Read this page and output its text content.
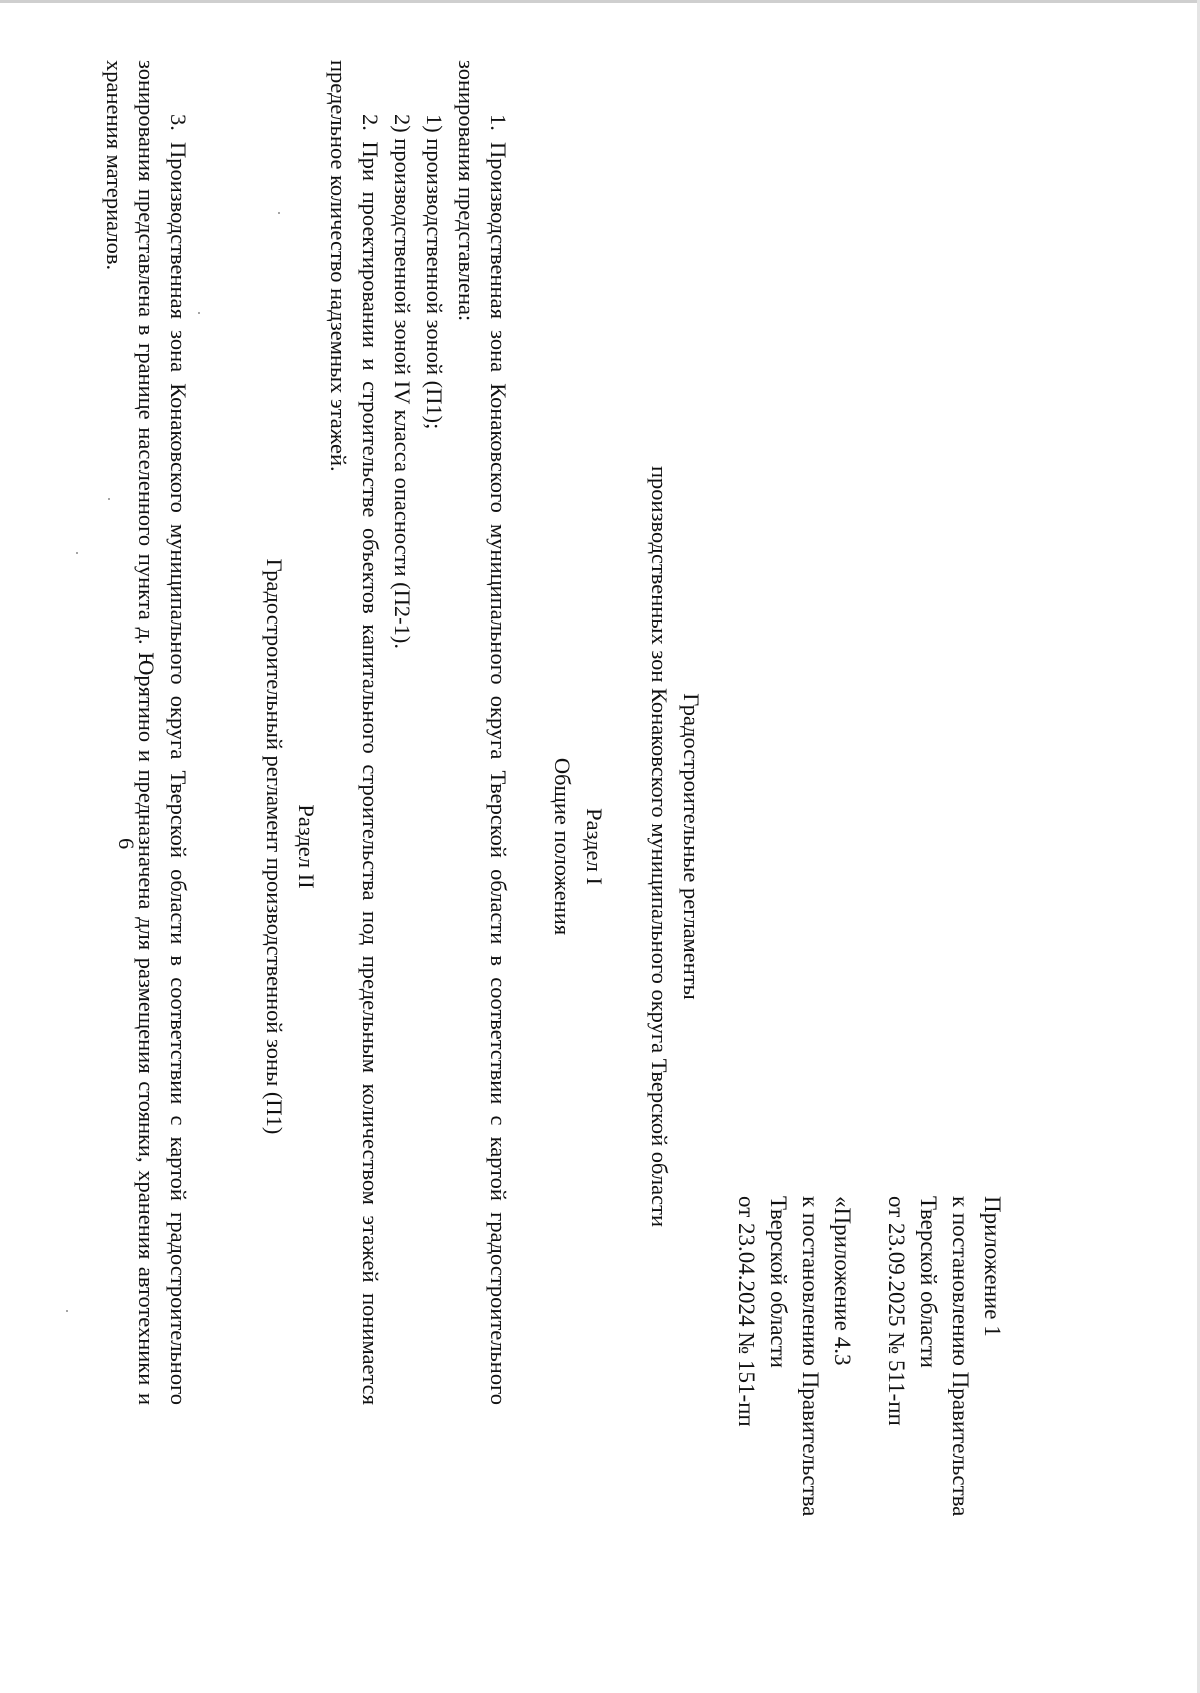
6
Приложение 1
к постановлению Правительства
Тверской области
от 23.09.2025 № 511-пп
«Приложение 4.3
к постановлению Правительства
Тверской области
от 23.04.2024 № 151-пп
Градостроительные регламенты
производственных зон Конаковского муниципального округа Тверской области
Раздел I
Общие положения

1. Производственная зона Конаковского муниципального округа Тверской области в соответствии с картой градостроительного зонирования представлена:

1) производственной зоной (П1);

2) производственной зоной IV класса опасности (П2-1).

2. При проектировании и строительстве объектов капитального строительства под предельным количеством этажей понимается предельное количество надземных этажей.

Раздел II
Градостроительный регламент производственной зоны (П1)

3. Производственная зона Конаковского муниципального округа Тверской области в соответствии с картой градостроительного зонирования представлена в границе населенного пункта д. Юрятино и предназначена для размещения стоянки, хранения автотехники и хранения материалов.
